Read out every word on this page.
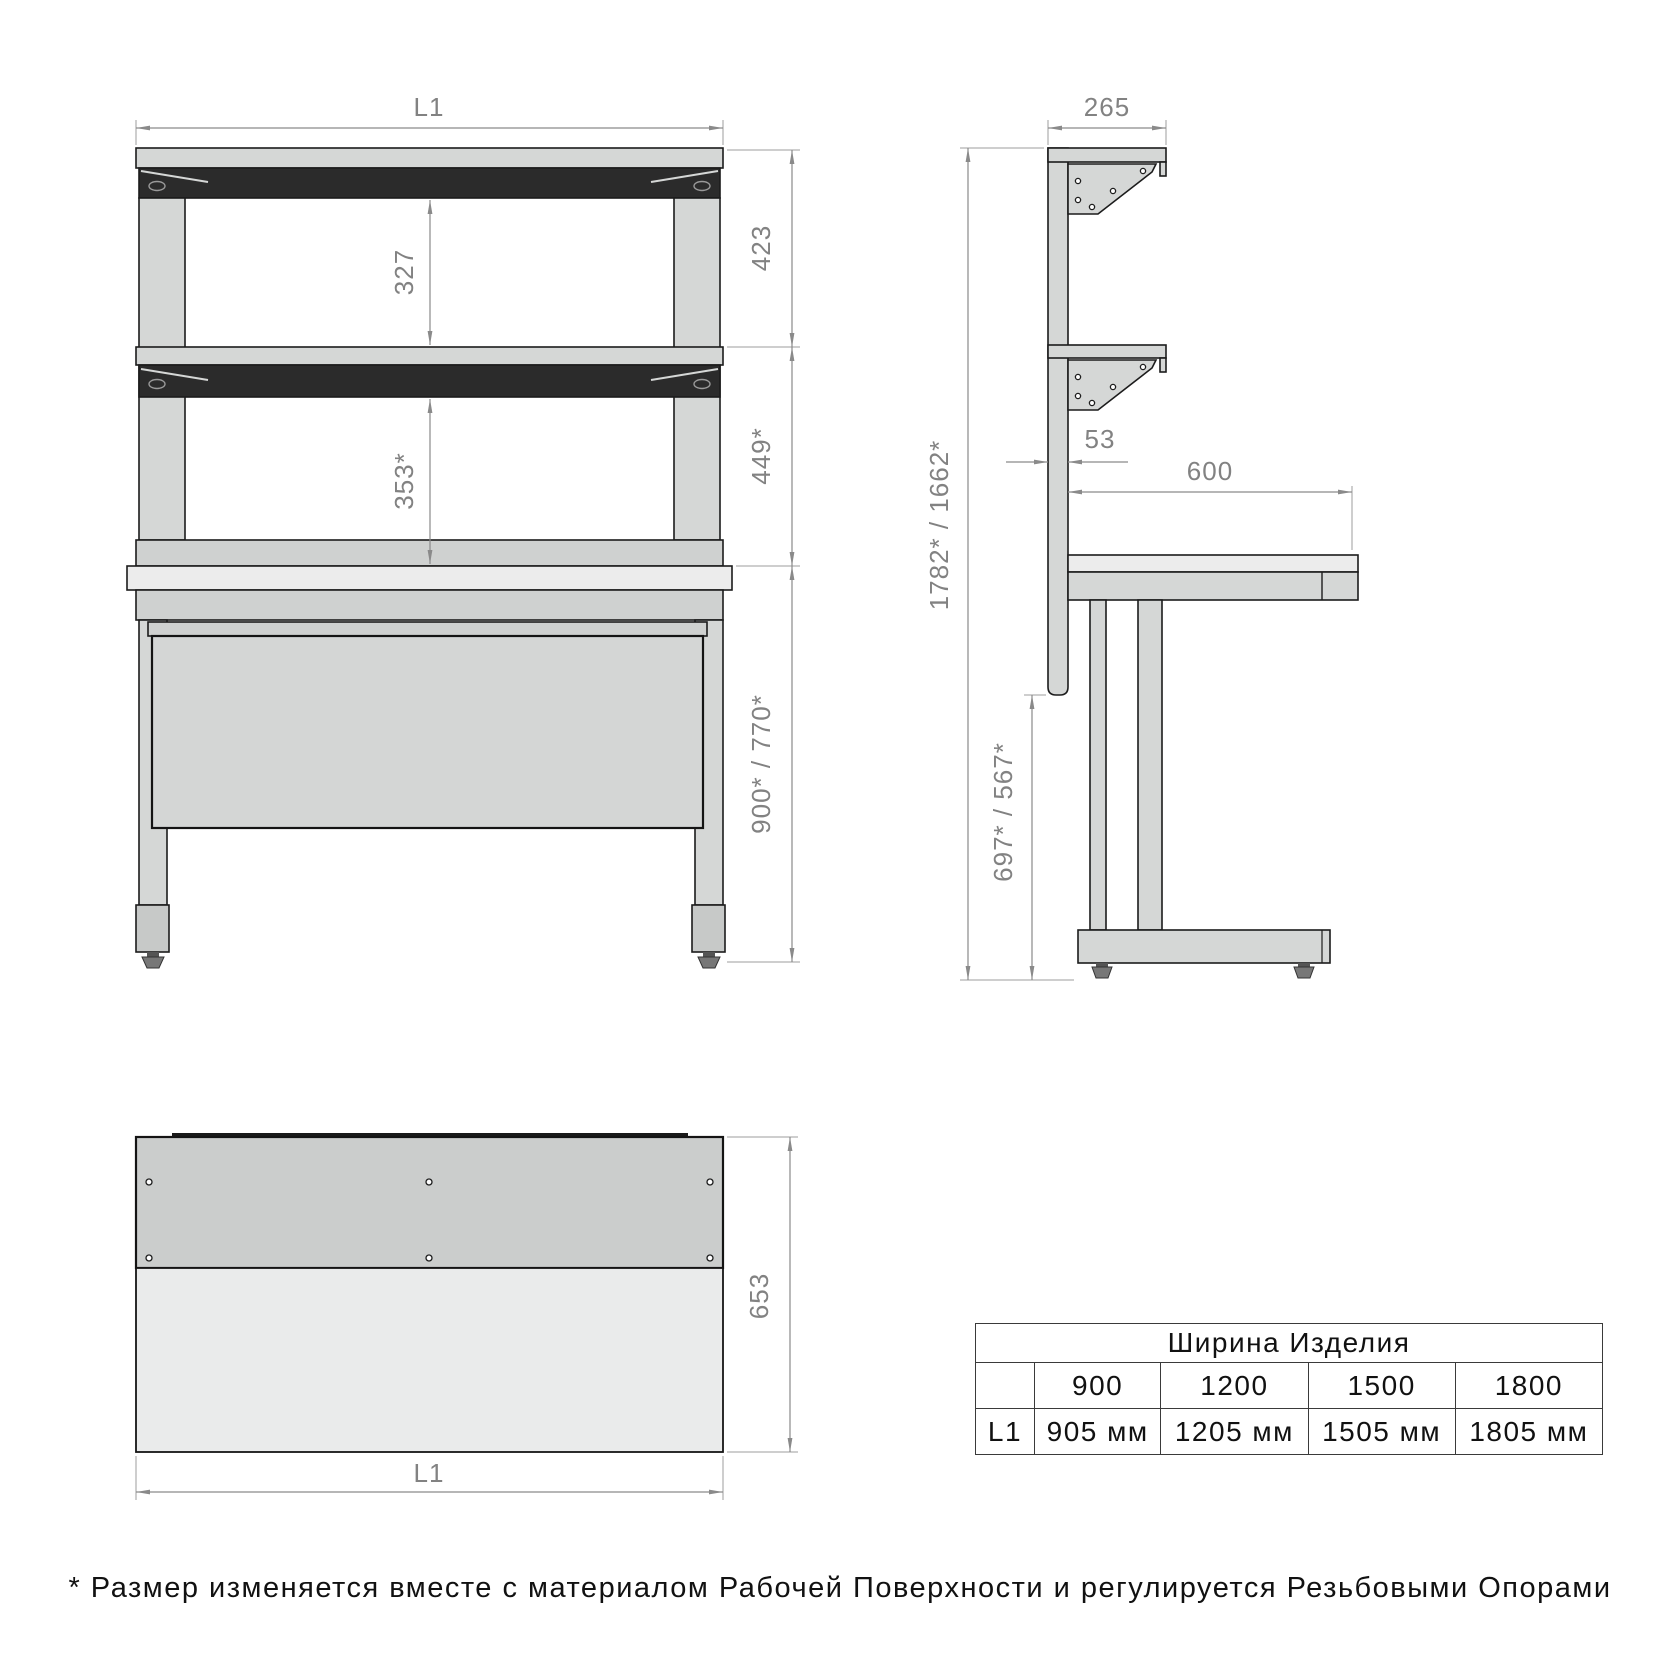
L1
327
353*
423
449*
900* / 770*
265
53
600
1782* / 1662*
697* / 567*
653
L1
Ширина Изделия				
	900	1200	1500	1800
L1	905 мм	1205 мм	1505 мм	1805 мм
* Размер изменяется вместе с материалом Рабочей Поверхности и регулируется Резьбовыми Опорами
